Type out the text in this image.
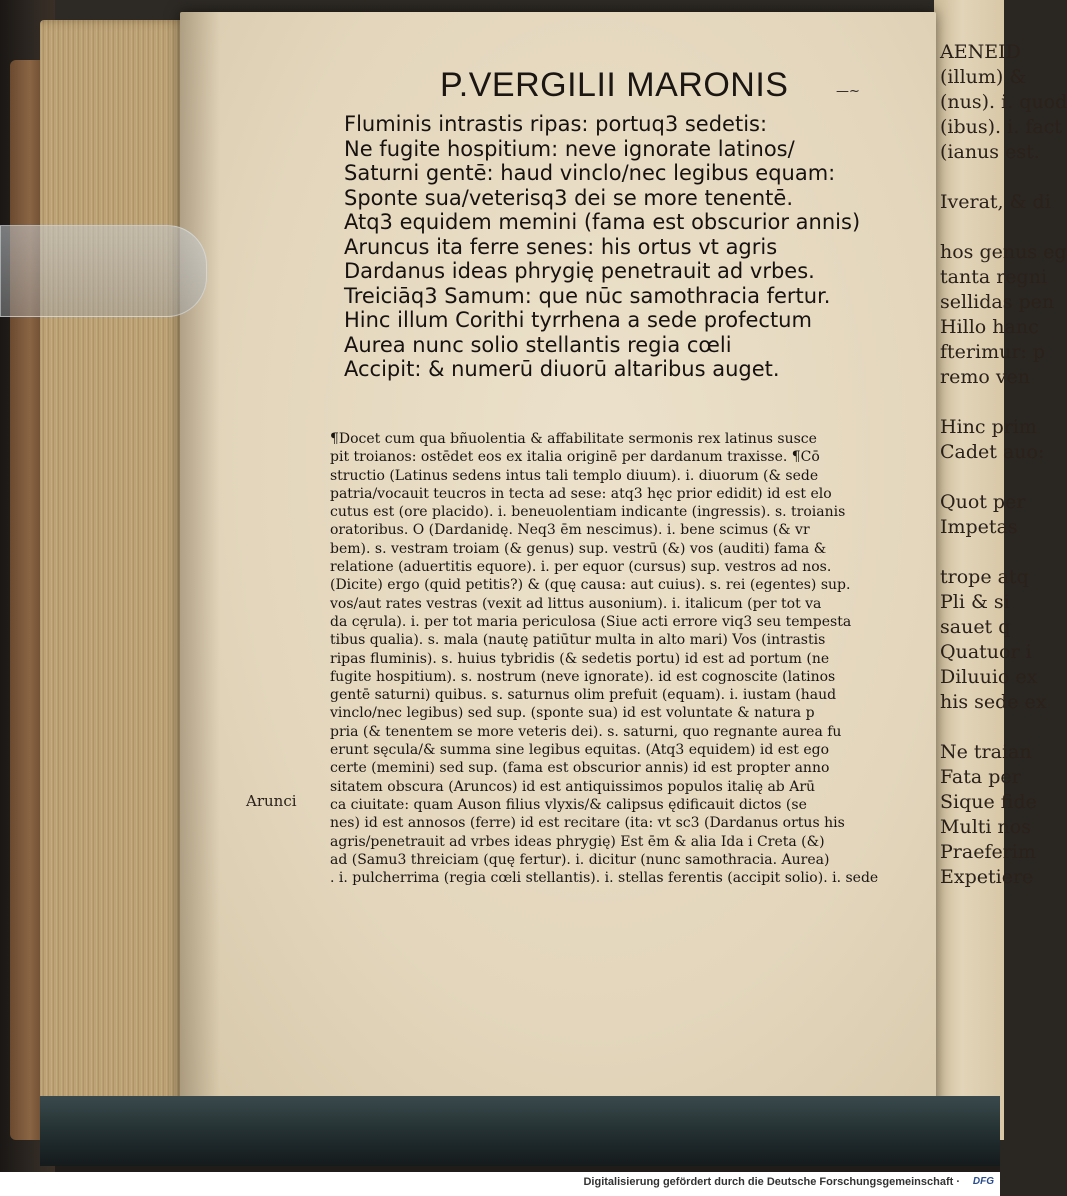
AENEID
(illum) &
(nus). i. quod
(ibus). i. fact
(ianus est.

Iverat, & di

hos genus eg
tanta regni
sellidas pen
Hillo hanc
fterimur: p
remo ven

Hinc prim
Cadet auo:

Quot per
Impetas

trope atq
Pli & si
sauet q
Quatuor i
Diluuio ex
his sede ex

Ne traian
Fata per
Sique fide
Multi nos
Praeferim
Expetiere
P.VERGILII MARONIS	—~
Fluminis intrastis ripas: portuq3 sedetis:
Ne fugite hospitium: neve ignorate latinos/
Saturni gentē: haud vinclo/nec legibus equam:
Sponte sua/veterisq3 dei se more tenentē.
Atq3 equidem memini (fama est obscurior annis)
Aruncus ita ferre senes: his ortus vt agris
Dardanus ideas phrygię penetrauit ad vrbes.
Treiciāq3 Samum: que nūc samothracia fertur.
Hinc illum Corithi tyrrhena a sede profectum
Aurea nunc solio stellantis regia cœli
Accipit: & numerū diuorū altaribus auget.
¶Docet cum qua bñuolentia & affabilitate sermonis rex latinus susce
pit troianos: ostēdet eos ex italia originē per dardanum traxisse. ¶Cō
structio (Latinus sedens intus tali templo diuum). i. diuorum (& sede
patria/vocauit teucros in tecta ad sese: atq3 hęc prior edidit) id est elo
cutus est (ore placido). i. beneuolentiam indicante (ingressis). s. troianis
oratoribus. O (Dardanidę. Neq3 ēm nescimus). i. bene scimus (& vr
bem). s. vestram troiam (& genus) sup. vestrū (&) vos (auditi) fama &
relatione (aduertitis equore). i. per equor (cursus) sup. vestros ad nos.
(Dicite) ergo (quid petitis?) & (quę causa: aut cuius). s. rei (egentes) sup.
vos/aut rates vestras (vexit ad littus ausonium). i. italicum (per tot va
da cęrula). i. per tot maria periculosa (Siue acti errore viq3 seu tempesta
tibus qualia). s. mala (nautę patiūtur multa in alto mari) Vos (intrastis
ripas fluminis). s. huius tybridis (& sedetis portu) id est ad portum (ne
fugite hospitium). s. nostrum (neve ignorate). id est cognoscite (latinos
gentē saturni) quibus. s. saturnus olim prefuit (equam). i. iustam (haud
vinclo/nec legibus) sed sup. (sponte sua) id est voluntate & natura p
pria (& tenentem se more veteris dei). s. saturni, quo regnante aurea fu
erunt sęcula/& summa sine legibus equitas. (Atq3 equidem) id est ego
certe (memini) sed sup. (fama est obscurior annis) id est propter anno
sitatem obscura (Aruncos) id est antiquissimos populos italię ab Arū
ca ciuitate: quam Auson filius vlyxis/& calipsus ędificauit dictos (se
nes) id est annosos (ferre) id est recitare (ita: vt sc3 (Dardanus ortus his
agris/penetrauit ad vrbes ideas phrygię) Est ēm & alia Ida i Creta (&)
ad (Samu3 threiciam (quę fertur). i. dicitur (nunc samothracia. Aurea)
. i. pulcherrima (regia cœli stellantis). i. stellas ferentis (accipit solio). i. sede
Arunci
Digitalisierung gefördert durch die Deutsche Forschungsgemeinschaft · DFG
